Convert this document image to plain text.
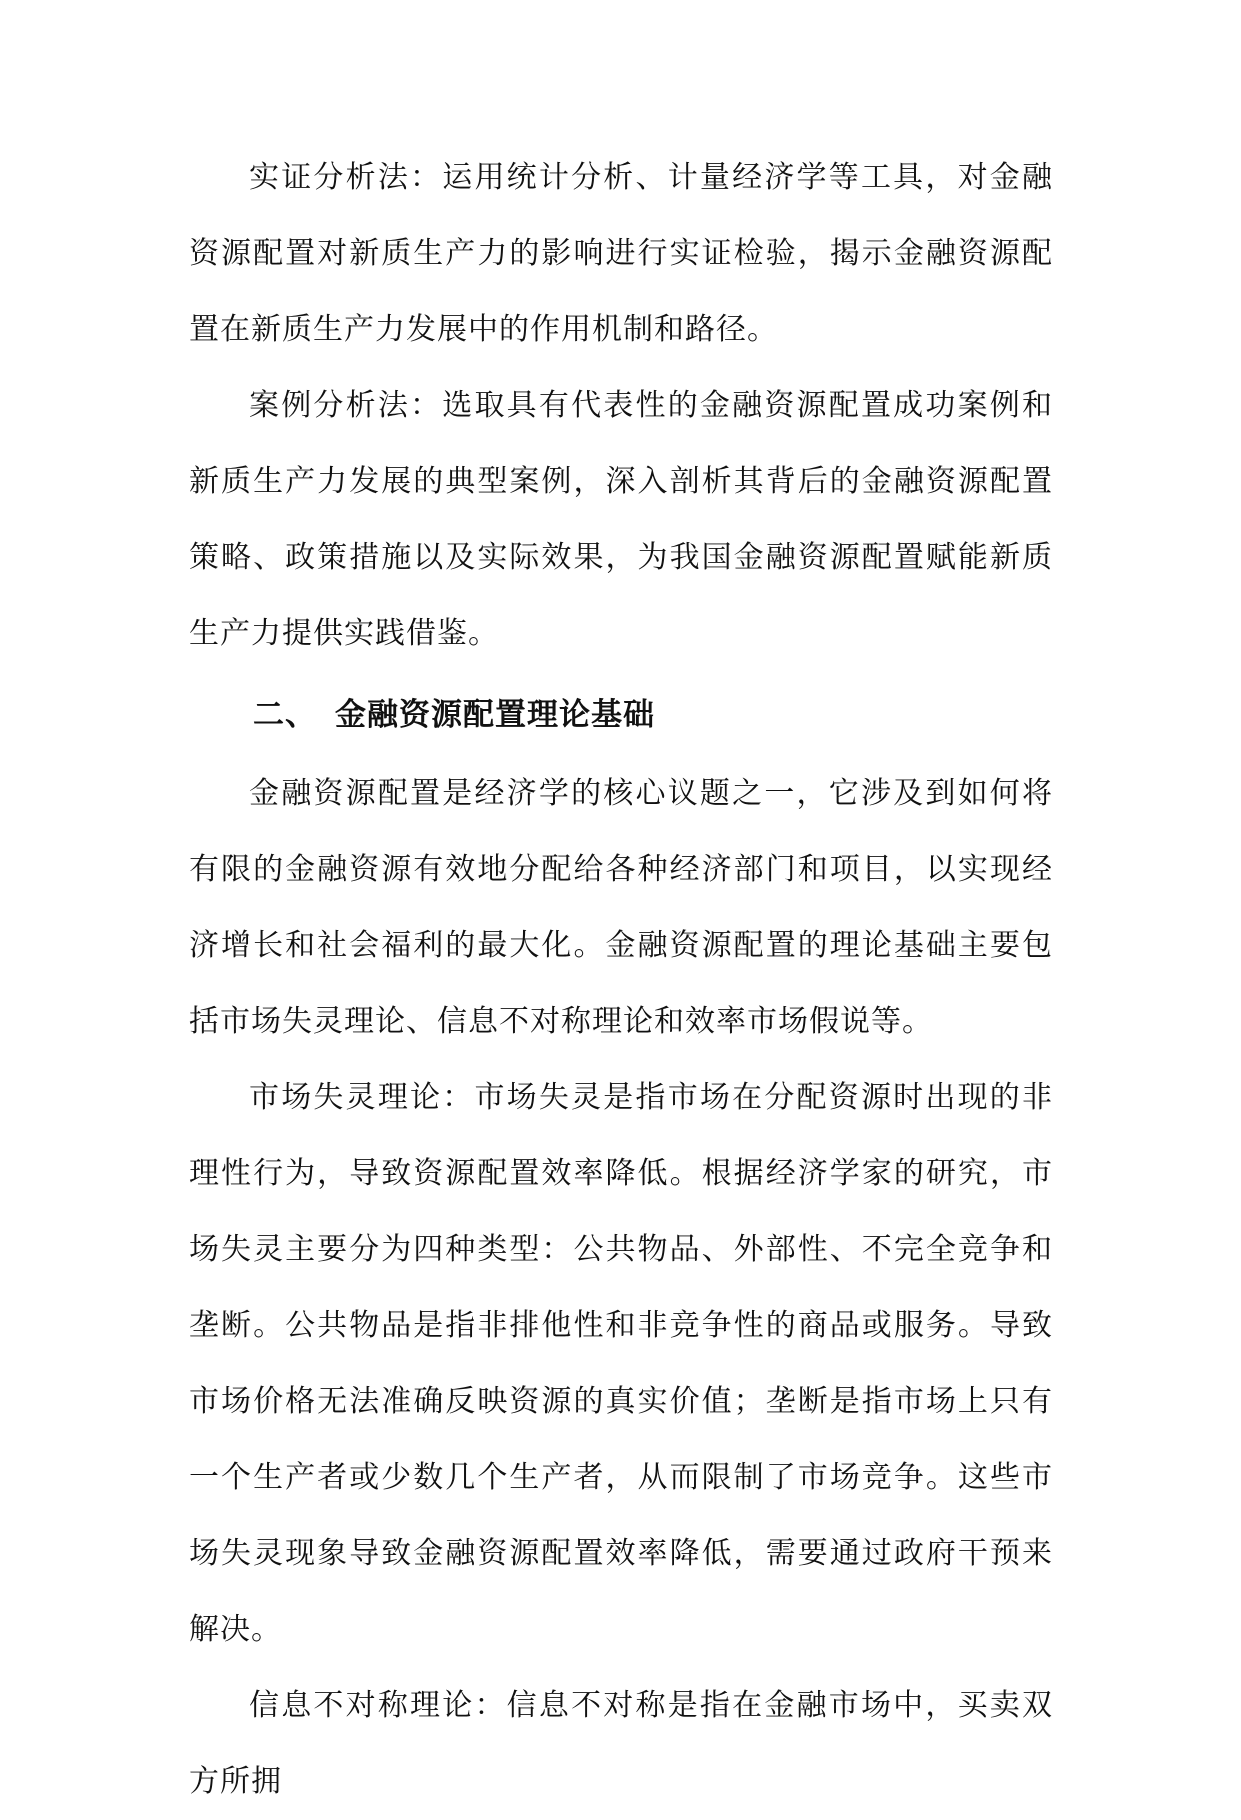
实证分析法：运用统计分析、计量经济学等工具，对金融资源配置对新质生产力的影响进行实证检验，揭示金融资源配置在新质生产力发展中的作用机制和路径。

案例分析法：选取具有代表性的金融资源配置成功案例和新质生产力发展的典型案例，深入剖析其背后的金融资源配置策略、政策措施以及实际效果，为我国金融资源配置赋能新质生产力提供实践借鉴。

二、 金融资源配置理论基础

金融资源配置是经济学的核心议题之一，它涉及到如何将有限的金融资源有效地分配给各种经济部门和项目，以实现经济增长和社会福利的最大化。金融资源配置的理论基础主要包括市场失灵理论、信息不对称理论和效率市场假说等。

市场失灵理论：市场失灵是指市场在分配资源时出现的非理性行为，导致资源配置效率降低。根据经济学家的研究，市场失灵主要分为四种类型：公共物品、外部性、不完全竞争和垄断。公共物品是指非排他性和非竞争性的商品或服务。导致市场价格无法准确反映资源的真实价值；垄断是指市场上只有一个生产者或少数几个生产者，从而限制了市场竞争。这些市场失灵现象导致金融资源配置效率降低，需要通过政府干预来解决。

信息不对称理论：信息不对称是指在金融市场中，买卖双方所拥
